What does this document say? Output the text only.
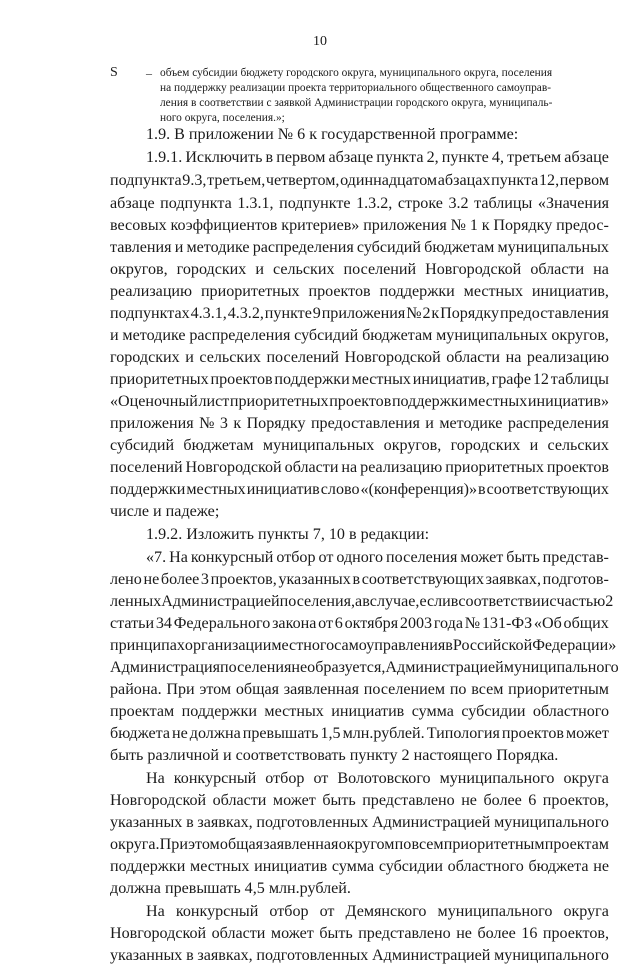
10
S – объем субсидии бюджету городского округа, муниципального округа, поселения
на поддержку реализации проекта территориального общественного самоуправ-
ления в соответствии с заявкой Администрации городского округа, муниципаль-
ного округа, поселения.»;
1.9. В приложении № 6 к государственной программе:
1.9.1. Исключить в первом абзаце пункта 2, пункте 4, третьем абзаце
подпункта 9.3, третьем, четвертом, одиннадцатом абзацах пункта 12, первом
абзаце подпункта 1.3.1, подпункте 1.3.2, строке 3.2 таблицы «Значения
весовых коэффициентов критериев» приложения № 1 к Порядку предос-
тавления и методике распределения субсидий бюджетам муниципальных
округов, городских и сельских поселений Новгородской области на
реализацию приоритетных проектов поддержки местных инициатив,
подпунктах 4.3.1, 4.3.2, пункте 9 приложения № 2 к Порядку предоставления
и методике распределения субсидий бюджетам муниципальных округов,
городских и сельских поселений Новгородской области на реализацию
приоритетных проектов поддержки местных инициатив, графе 12 таблицы
«Оценочный лист приоритетных проектов поддержки местных инициатив»
приложения № 3 к Порядку предоставления и методике распределения
субсидий бюджетам муниципальных округов, городских и сельских
поселений Новгородской области на реализацию приоритетных проектов
поддержки местных инициатив слово «(конференция)» в соответствующих
числе и падеже;
1.9.2. Изложить пункты 7, 10 в редакции:
«7. На конкурсный отбор от одного поселения может быть представ-
лено не более 3 проектов, указанных в соответствующих заявках, подготов-
ленных Администрацией поселения, а в случае, если в соответствии с частью 2
статьи 34 Федерального закона от 6 октября 2003 года № 131-ФЗ «Об общих
принципах организации местного самоуправления в Российской Федерации»
Администрация поселения не образуется, Администрацией муниципального
района. При этом общая заявленная поселением по всем приоритетным
проектам поддержки местных инициатив сумма субсидии областного
бюджета не должна превышать 1,5 млн.рублей. Типология проектов может
быть различной и соответствовать пункту 2 настоящего Порядка.
На конкурсный отбор от Волотовского муниципального округа
Новгородской области может быть представлено не более 6 проектов,
указанных в заявках, подготовленных Администрацией муниципального
округа. При этом общая заявленная округом по всем приоритетным проектам
поддержки местных инициатив сумма субсидии областного бюджета не
должна превышать 4,5 млн.рублей.
На конкурсный отбор от Демянского муниципального округа
Новгородской области может быть представлено не более 16 проектов,
указанных в заявках, подготовленных Администрацией муниципального
